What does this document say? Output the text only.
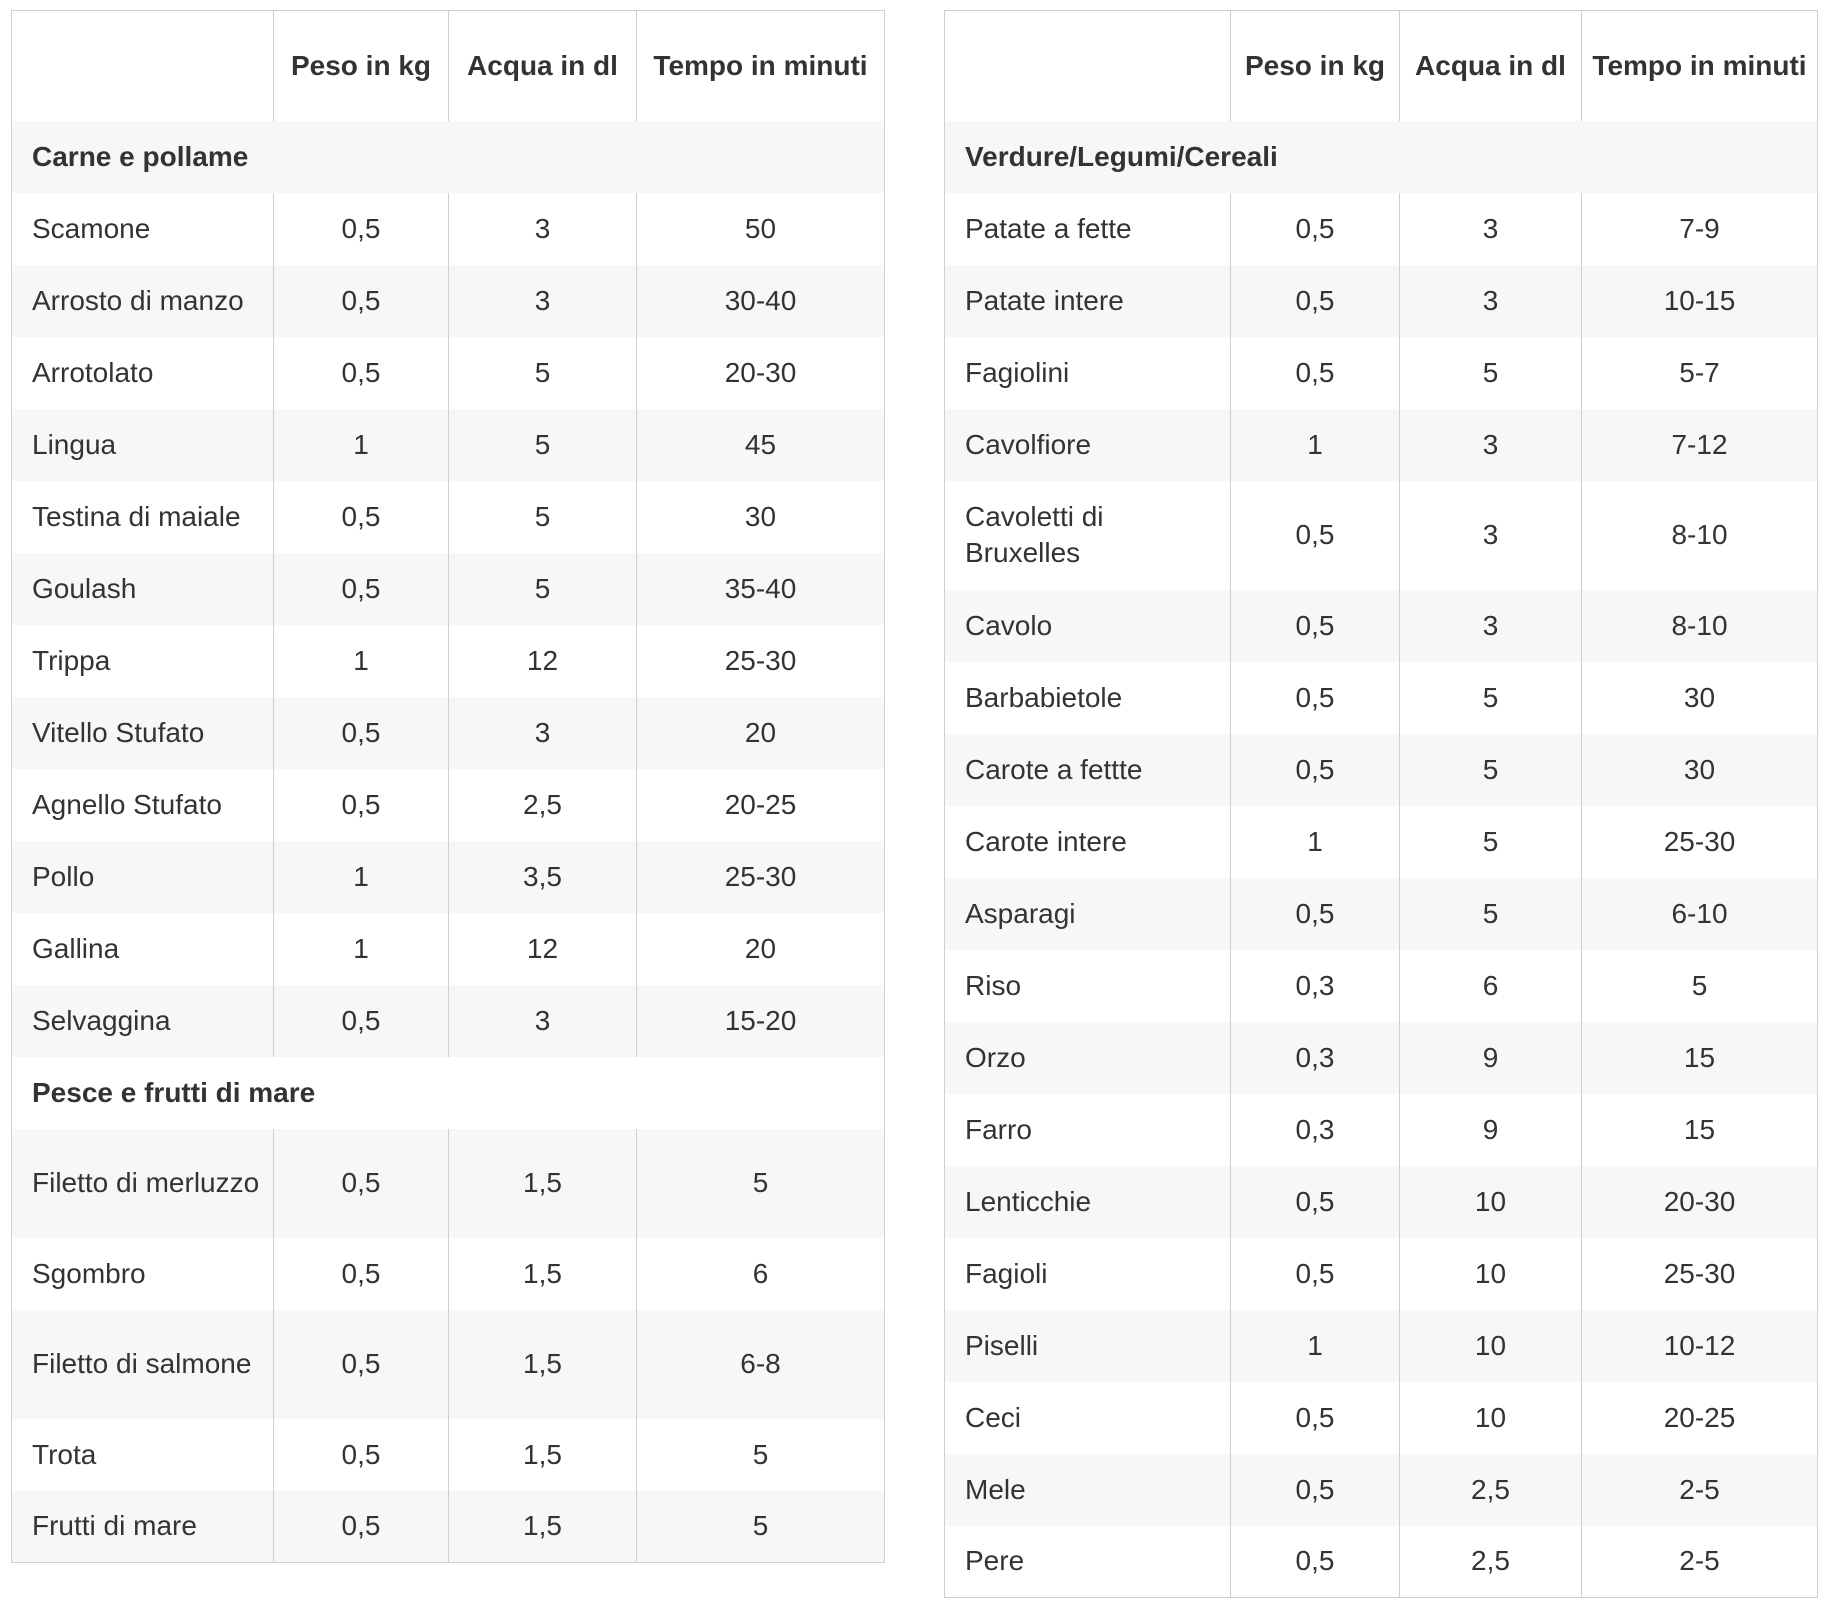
	Peso in kg	Acqua in dl	Tempo in minuti
Carne e pollame			
Scamone	0,5	3	50
Arrosto di manzo	0,5	3	30-40
Arrotolato	0,5	5	20-30
Lingua	1	5	45
Testina di maiale	0,5	5	30
Goulash	0,5	5	35-40
Trippa	1	12	25-30
Vitello Stufato	0,5	3	20
Agnello Stufato	0,5	2,5	20-25
Pollo	1	3,5	25-30
Gallina	1	12	20
Selvaggina	0,5	3	15-20
Pesce e frutti di mare			
Filetto di merluzzo	0,5	1,5	5
Sgombro	0,5	1,5	6
Filetto di salmone	0,5	1,5	6-8
Trota	0,5	1,5	5
Frutti di mare	0,5	1,5	5
	Peso in kg	Acqua in dl	Tempo in minuti
Verdure/Legumi/Cereali			
Patate a fette	0,5	3	7-9
Patate intere	0,5	3	10-15
Fagiolini	0,5	5	5-7
Cavolfiore	1	3	7-12
Cavoletti di Bruxelles	0,5	3	8-10
Cavolo	0,5	3	8-10
Barbabietole	0,5	5	30
Carote a fettte	0,5	5	30
Carote intere	1	5	25-30
Asparagi	0,5	5	6-10
Riso	0,3	6	5
Orzo	0,3	9	15
Farro	0,3	9	15
Lenticchie	0,5	10	20-30
Fagioli	0,5	10	25-30
Piselli	1	10	10-12
Ceci	0,5	10	20-25
Mele	0,5	2,5	2-5
Pere	0,5	2,5	2-5
